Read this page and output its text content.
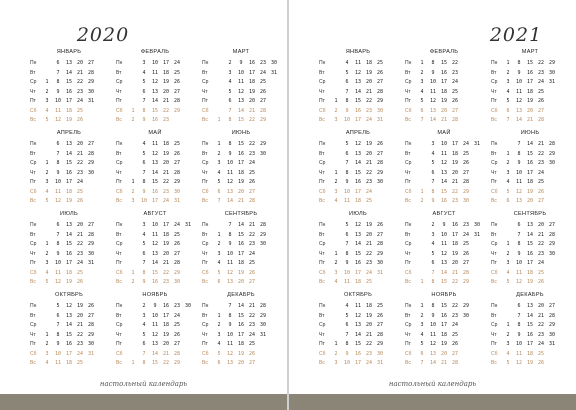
2020
ЯНВАРЬ
Пн	6	13 20 27
Вт	7	14 21 28
Ср	1	8	15 22 29
Чт	2	9	16 23 30
Пт	3	10 17 24 31
Сб	4	11 18 25
Вс	5	12 19 26
ФЕВРАЛЬ
Пн	3	10 17 24
Вт	4	11 18 25
Ср	5	12 19 26
Чт	6	13 20 27
Пт	7	14 21 28
Сб	1	8	15 22 29
Вс	2	9	16 23
МАРТ
Пн	2	9	16 23 30
Вт	3	10 17 24 31
Ср	4	11 18 25
Чт	5	12 19 26
Пт	6	13 20 27
Сб	7	14 21 28
Вс	1	8	15 22 29
АПРЕЛЬ
Пн	6	13 20 27
Вт	7	14 21 28
Ср	1	8	15 22 29
Чт	2	9	16 23 30
Пт	3	10 17 24
Сб	4	11 18 25
Вс	5	12 19 26
МАЙ
Пн	4	11 18 25
Вт	5	12 19 26
Ср	6	13 20 27
Чт	7	14 21 28
Пт	1	8	15 22 29
Сб	2	9	16 23 30
Вс	3	10 17 24 31
ИЮНЬ
Пн	1	8	15 22 29
Вт	2	9	16 23 30
Ср	3	10 17 24
Чт	4	11 18 25
Пт	5	12 19 26
Сб	6	13 20 27
Вс	7	14 21 28
ИЮЛЬ
Пн	6	13 20 27
Вт	7	14 21 28
Ср	1	8	15 22 29
Чт	2	9	16 23 30
Пт	3	10 17 24 31
Сб	4	11 18 25
Вс	5	12 19 26
АВГУСТ
Пн	3	10 17 24 31
Вт	4	11 18 25
Ср	5	12 19 26
Чт	6	13 20 27
Пт	7	14 21 28
Сб	1	8	15 22 29
Вс	2	9	16 23 30
СЕНТЯБРЬ
Пн	7	14 21 28
Вт	1	8	15 22 29
Ср	2	9	16 23 30
Чт	3	10 17 24
Пт	4	11 18 25
Сб	5	12 19 26
Вс	6	13 20 27
ОКТЯБРЬ
Пн	5	12 19 26
Вт	6	13 20 27
Ср	7	14 21 28
Чт	1	8	15 22 29
Пт	2	9	16 23 30
Сб	3	10 17 24 31
Вс	4	11 18 25
НОЯБРЬ
Пн	2	9	16 23 30
Вт	3	10 17 24
Ср	4	11 18 25
Чт	5	12 19 26
Пт	6	13 20 27
Сб	7	14 21 28
Вс	1	8	15 22 29
ДЕКАБРЬ
Пн	7	14 21 28
Вт	1	8	15 22 29
Ср	2	9	16 23 30
Чт	3	10 17 24 31
Пт	4	11 18 25
Сб	5	12 19 26
Вс	6	13 20 27
настольный календарь
2021
ЯНВАРЬ
Пн	4	11 18 25
Вт	5	12 19 26
Ср	6	13 20 27
Чт	7	14 21 28
Пт	1	8	15 22 29
Сб	2	9	16 23 30
Вс	3	10 17 24 31
ФЕВРАЛЬ
Пн	1	8	15 22
Вт	2	9	16 23
Ср	3	10 17 24
Чт	4	11 18 25
Пт	5	12 19 26
Сб	6	13 20 27
Вс	7	14 21 28
МАРТ
Пн	1	8	15 22 29
Вт	2	9	16 23 30
Ср	3	10 17 24 31
Чт	4	11 18 25
Пт	5	12 19 26
Сб	6	13 20 27
Вс	7	14 21 28
АПРЕЛЬ
Пн	5	12 19 26
Вт	6	13 20 27
Ср	7	14 21 28
Чт	1	8	15 22 29
Пт	2	9	16 23 30
Сб	3	10 17 24
Вс	4	11 18 25
МАЙ
Пн	3	10 17 24 31
Вт	4	11 18 25
Ср	5	12 19 26
Чт	6	13 20 27
Пт	7	14 21 28
Сб	1	8	15 22 29
Вс	2	9	16 23 30
ИЮНЬ
Пн	7	14 21 28
Вт	1	8	15 22 29
Ср	2	9	16 23 30
Чт	3	10 17 24
Пт	4	11 18 25
Сб	5	12 19 26
Вс	6	13 20 27
ИЮЛЬ
Пн	5	12 19 26
Вт	6	13 20 27
Ср	7	14 21 28
Чт	1	8	15 22 29
Пт	2	9	16 23 30
Сб	3	10 17 24 31
Вс	4	11 18 25
АВГУСТ
Пн	2	9	16 23 30
Вт	3	10 17 24 31
Ср	4	11 18 25
Чт	5	12 19 26
Пт	6	13 20 27
Сб	7	14 21 28
Вс	1	8	15 22 29
СЕНТЯБРЬ
Пн	6	13 20 27
Вт	7	14 21 28
Ср	1	8	15 22 29
Чт	2	9	16 23 30
Пт	3	10 17 24
Сб	4	11 18 25
Вс	5	12 19 26
ОКТЯБРЬ
Пн	4	11 18 25
Вт	5	12 19 26
Ср	6	13 20 27
Чт	7	14 21 28
Пт	1	8	15 22 29
Сб	2	9	16 23 30
Вс	3	10 17 24 31
НОЯБРЬ
Пн	1	8	15 22 29
Вт	2	9	16 23 30
Ср	3	10 17 24
Чт	4	11 18 25
Пт	5	12 19 26
Сб	6	13 20 27
Вс	7	14 21 28
ДЕКАБРЬ
Пн	6	13 20 27
Вт	7	14 21 28
Ср	1	8	15 22 29
Чт	2	9	16 23 30
Пт	3	10 17 24 31
Сб	4	11 18 25
Вс	5	12 19 26
настольный календарь
